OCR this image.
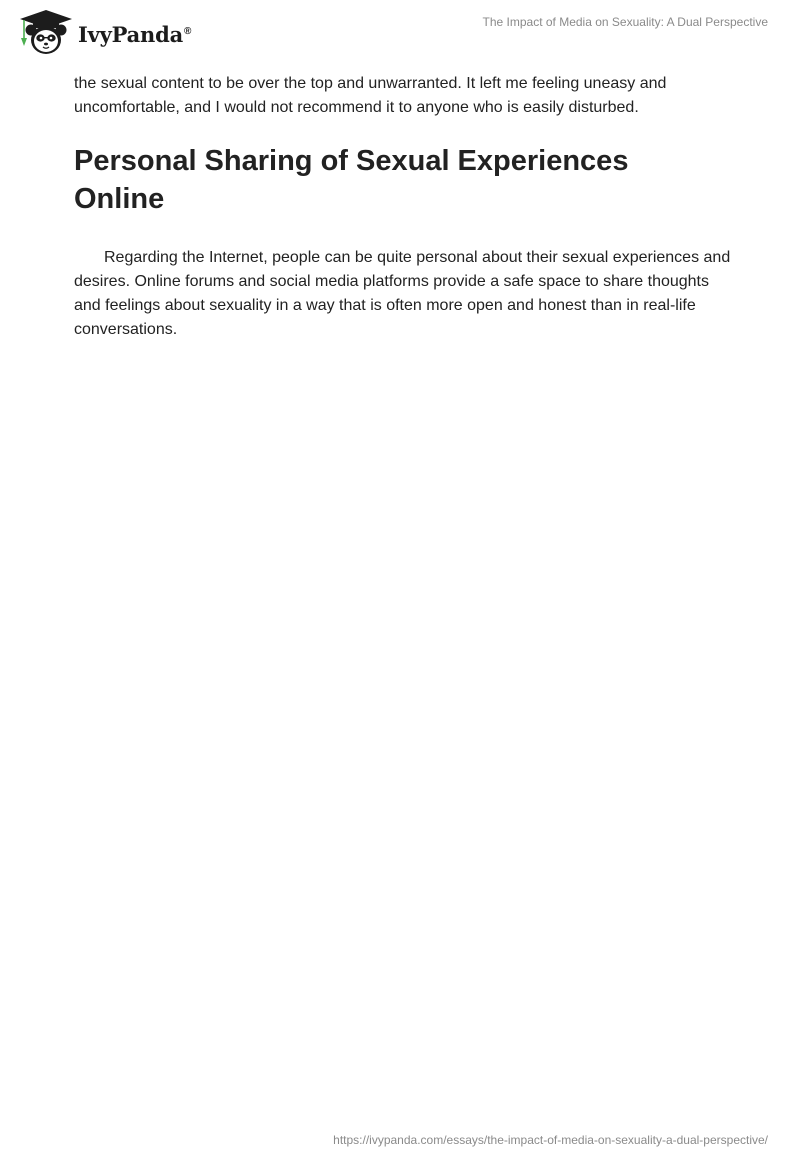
IvyPanda®
The Impact of Media on Sexuality: A Dual Perspective

the sexual content to be over the top and unwarranted. It left me feeling uneasy and uncomfortable, and I would not recommend it to anyone who is easily disturbed.

Personal Sharing of Sexual Experiences Online

Regarding the Internet, people can be quite personal about their sexual experiences and desires. Online forums and social media platforms provide a safe space to share thoughts and feelings about sexuality in a way that is often more open and honest than in real-life conversations.

https://ivypanda.com/essays/the-impact-of-media-on-sexuality-a-dual-perspective/
